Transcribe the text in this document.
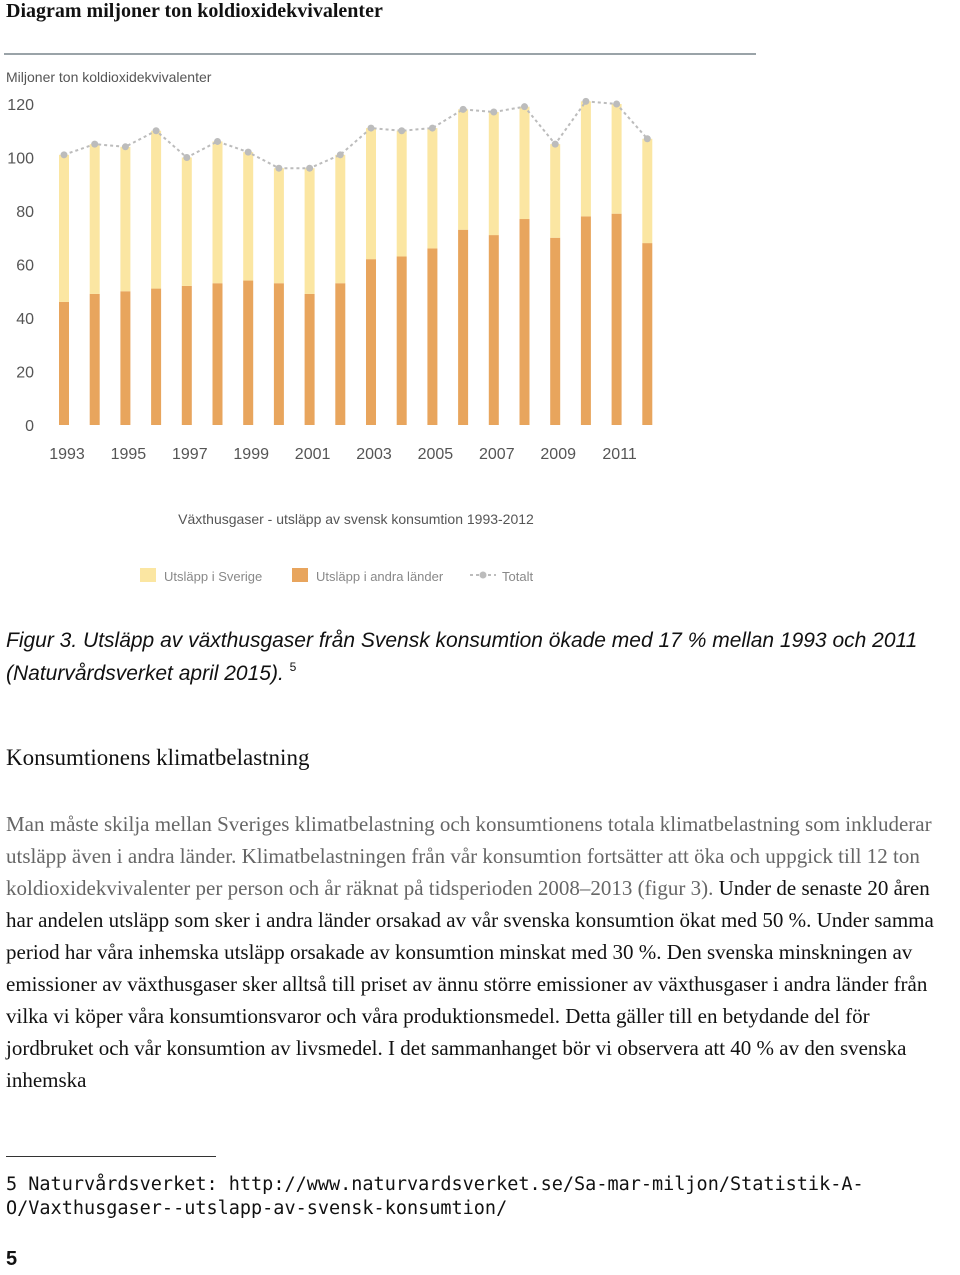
Diagram miljoner ton koldioxidekvivalenter
Miljoner ton koldioxidekvivalenter
0
20
40
60
80
100
120
1993 1995 1997 1999 2001 2003 2005 2007 2009 2011
Växthusgaser - utsläpp av svensk konsumtion 1993-2012
Utsläpp i Sverige	Utsläpp i andra länder	Totalt
Figur 3. Utsläpp av växthusgaser från Svensk konsumtion ökade med 17 % mellan 1993 och 2011 (Naturvårdsverket april 2015). $^5$
Konsumtionens klimatbelastning
Man måste skilja mellan Sveriges klimatbelastning och konsumtionens totala klimatbelastning som inkluderar utsläpp även i andra länder. Klimatbelastningen från vår konsumtion fortsätter att öka och uppgick till 12 ton koldioxidekvivalenter per person och år räknat på tidsperioden 2008–2013 (figur 3). Under de senaste 20 åren har andelen utsläpp som sker i andra länder orsakad av vår svenska konsumtion ökat med 50 %. Under samma period har våra inhemska utsläpp orsakade av konsumtion minskat med 30 %. Den svenska minskningen av emissioner av växthusgaser sker alltså till priset av ännu större emissioner av växthusgaser i andra länder från vilka vi köper våra konsumtionsvaror och våra produktionsmedel. Detta gäller till en betydande del för jordbruket och vår konsumtion av livsmedel. I det sammanhanget bör vi observera att 40 % av den svenska inhemska
5 Naturvårdsverket: http://www.naturvardsverket.se/Sa-mar-miljon/Statistik-A-O/Vaxthusgaser--utslapp-av-svensk-konsumtion/
5
